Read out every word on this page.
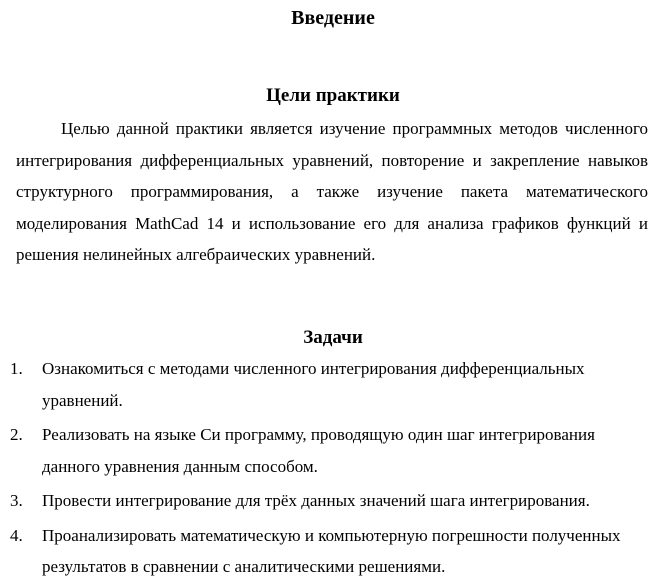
Введение
Цели практики

Целью данной практики является изучение программных методов численного интегрирования дифференциальных уравнений, повторение и закрепление навыков структурного программирования, а также изучение пакета математического моделирования MathCad 14 и использование его для анализа графиков функций и решения нелинейных алгебраических уравнений.

Задачи
1. Ознакомиться с методами численного интегрирования дифференциальных уравнений.
2. Реализовать на языке Си программу, проводящую один шаг интегрирования данного уравнения данным способом.
3. Провести интегрирование для трёх данных значений шага интегрирования.
4. Проанализировать математическую и компьютерную погрешности полученных результатов в сравнении с аналитическими решениями.
